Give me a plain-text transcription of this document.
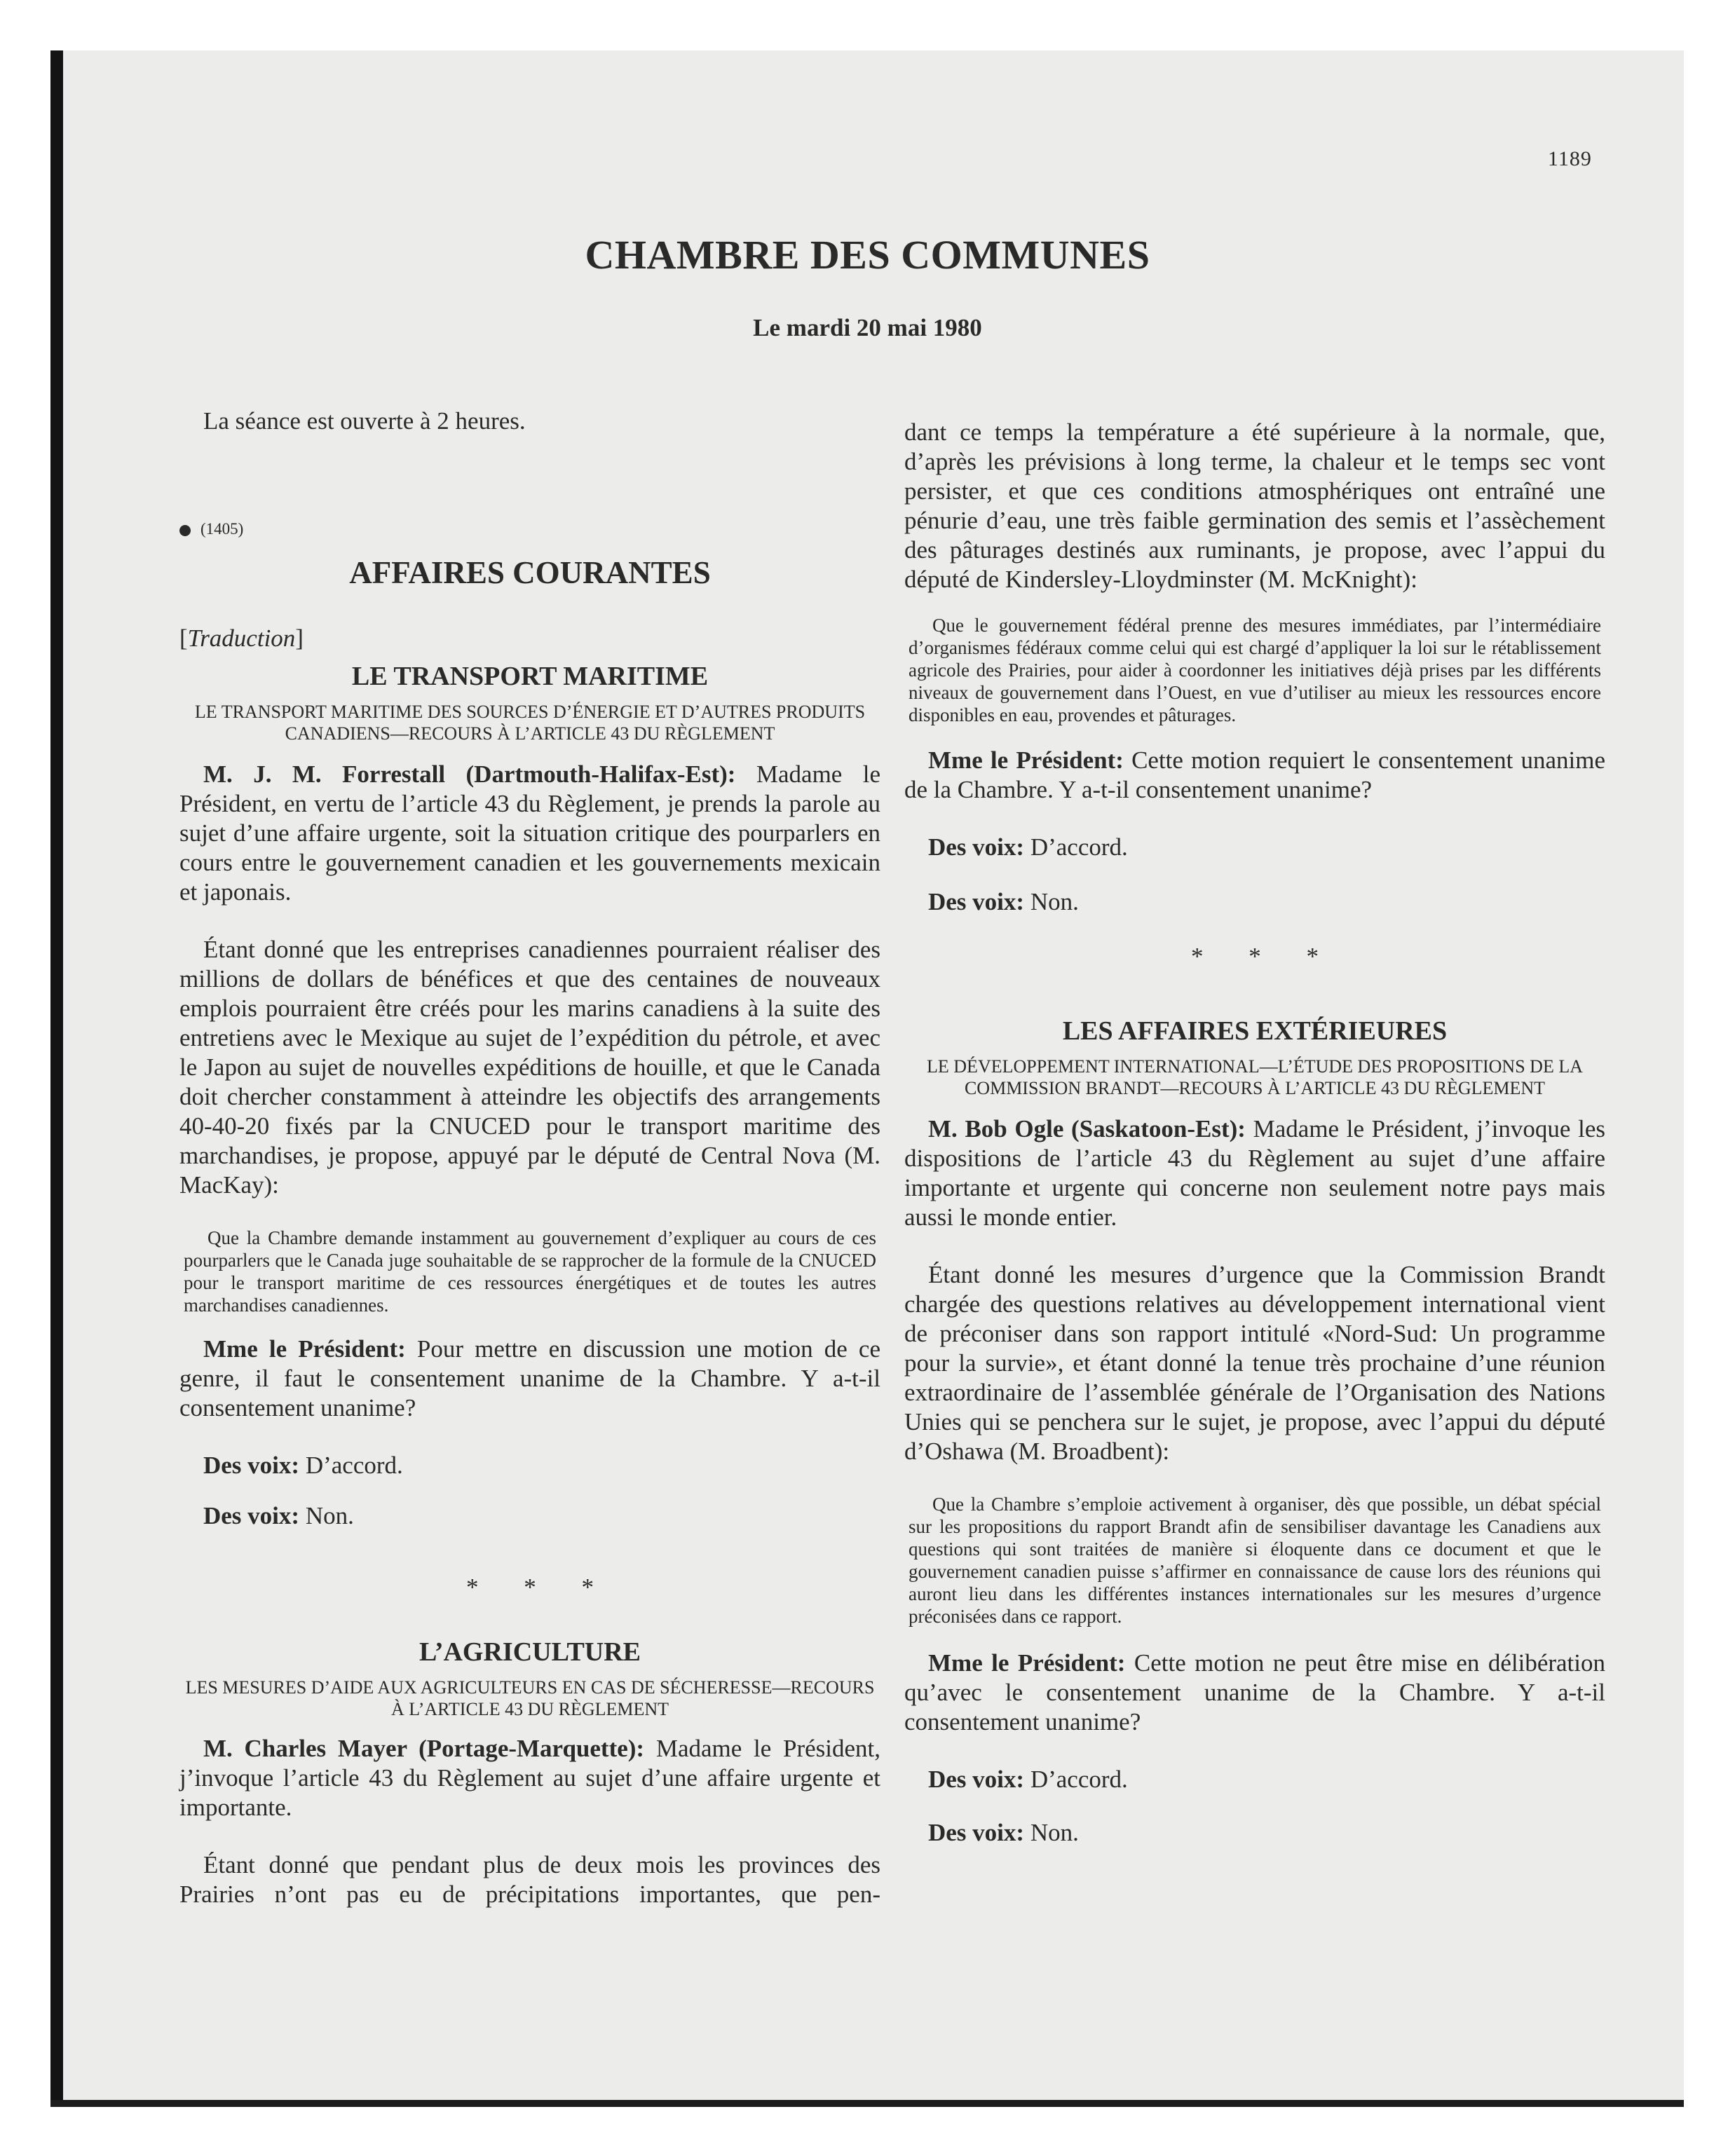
1189
CHAMBRE DES COMMUNES
Le mardi 20 mai 1980

La séance est ouverte à 2 heures.

(1405)
AFFAIRES COURANTES
[Traduction]
LE TRANSPORT MARITIME
LE TRANSPORT MARITIME DES SOURCES D’ÉNERGIE ET D’AUTRES PRODUITS CANADIENS—RECOURS À L’ARTICLE 43 DU RÈGLEMENT

M. J. M. Forrestall (Dartmouth-Halifax-Est): Madame le Président, en vertu de l’article 43 du Règlement, je prends la parole au sujet d’une affaire urgente, soit la situation critique des pourparlers en cours entre le gouvernement canadien et les gouvernements mexicain et japonais.

Étant donné que les entreprises canadiennes pourraient réaliser des millions de dollars de bénéfices et que des centaines de nouveaux emplois pourraient être créés pour les marins canadiens à la suite des entretiens avec le Mexique au sujet de l’expédition du pétrole, et avec le Japon au sujet de nouvelles expéditions de houille, et que le Canada doit chercher constamment à atteindre les objectifs des arrangements 40-40-20 fixés par la CNUCED pour le transport maritime des marchandises, je propose, appuyé par le député de Central Nova (M. MacKay):

Que la Chambre demande instamment au gouvernement d’expliquer au cours de ces pourparlers que le Canada juge souhaitable de se rapprocher de la formule de la CNUCED pour le transport maritime de ces ressources énergétiques et de toutes les autres marchandises canadiennes.

Mme le Président: Pour mettre en discussion une motion de ce genre, il faut le consentement unanime de la Chambre. Y a-t-il consentement unanime?

Des voix: D’accord.

Des voix: Non.

* * *
L’AGRICULTURE
LES MESURES D’AIDE AUX AGRICULTEURS EN CAS DE SÉCHERESSE—RECOURS À L’ARTICLE 43 DU RÈGLEMENT

M. Charles Mayer (Portage-Marquette): Madame le Président, j’invoque l’article 43 du Règlement au sujet d’une affaire urgente et importante.

Étant donné que pendant plus de deux mois les provinces des Prairies n’ont pas eu de précipitations importantes, que pen-

dant ce temps la température a été supérieure à la normale, que, d’après les prévisions à long terme, la chaleur et le temps sec vont persister, et que ces conditions atmosphériques ont entraîné une pénurie d’eau, une très faible germination des semis et l’assèchement des pâturages destinés aux ruminants, je propose, avec l’appui du député de Kindersley-Lloydminster (M. McKnight):

Que le gouvernement fédéral prenne des mesures immédiates, par l’intermédiaire d’organismes fédéraux comme celui qui est chargé d’appliquer la loi sur le rétablissement agricole des Prairies, pour aider à coordonner les initiatives déjà prises par les différents niveaux de gouvernement dans l’Ouest, en vue d’utiliser au mieux les ressources encore disponibles en eau, provendes et pâturages.

Mme le Président: Cette motion requiert le consentement unanime de la Chambre. Y a-t-il consentement unanime?

Des voix: D’accord.

Des voix: Non.

* * *
LES AFFAIRES EXTÉRIEURES
LE DÉVELOPPEMENT INTERNATIONAL—L’ÉTUDE DES PROPOSITIONS DE LA COMMISSION BRANDT—RECOURS À L’ARTICLE 43 DU RÈGLEMENT

M. Bob Ogle (Saskatoon-Est): Madame le Président, j’invoque les dispositions de l’article 43 du Règlement au sujet d’une affaire importante et urgente qui concerne non seulement notre pays mais aussi le monde entier.

Étant donné les mesures d’urgence que la Commission Brandt chargée des questions relatives au développement international vient de préconiser dans son rapport intitulé «Nord-Sud: Un programme pour la survie», et étant donné la tenue très prochaine d’une réunion extraordinaire de l’assemblée générale de l’Organisation des Nations Unies qui se penchera sur le sujet, je propose, avec l’appui du député d’Oshawa (M. Broadbent):

Que la Chambre s’emploie activement à organiser, dès que possible, un débat spécial sur les propositions du rapport Brandt afin de sensibiliser davantage les Canadiens aux questions qui sont traitées de manière si éloquente dans ce document et que le gouvernement canadien puisse s’affirmer en connaissance de cause lors des réunions qui auront lieu dans les différentes instances internationales sur les mesures d’urgence préconisées dans ce rapport.

Mme le Président: Cette motion ne peut être mise en délibération qu’avec le consentement unanime de la Chambre. Y a-t-il consentement unanime?

Des voix: D’accord.

Des voix: Non.
